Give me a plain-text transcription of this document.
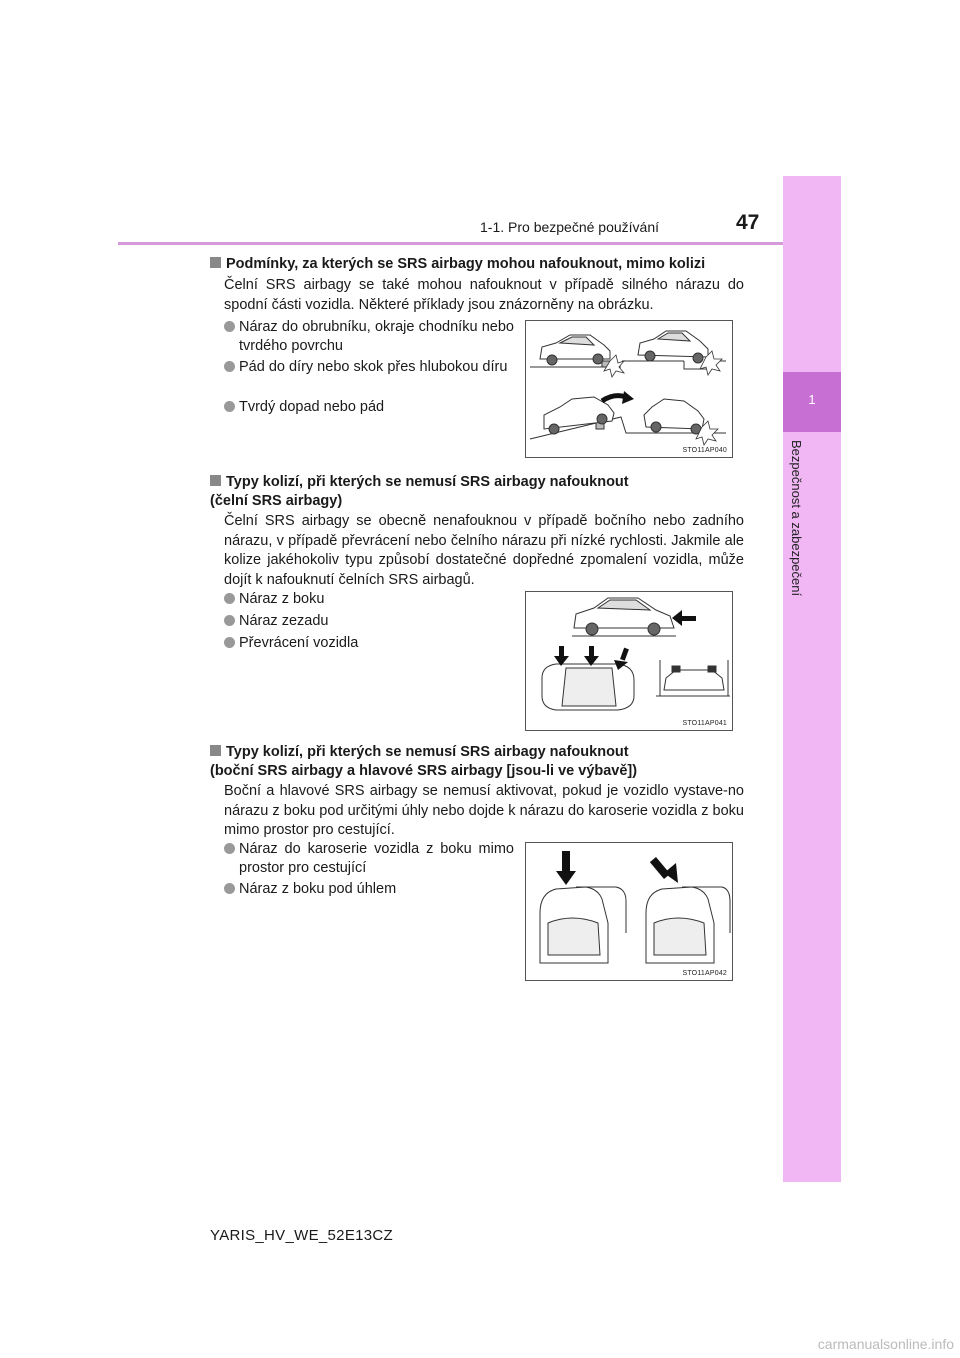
1
Bezpečnost a zabezpečení
1-1. Pro bezpečné používání	47
Podmínky, za kterých se SRS airbagy mohou nafouknout, mimo kolizi
Čelní SRS airbagy se také mohou nafouknout v případě silného nárazu do spodní části vozidla. Některé příklady jsou znázorněny na obrázku.
Náraz do obrubníku, okraje chodníku nebo tvrdého povrchu
Pád do díry nebo skok přes hlubokou díru
Tvrdý dopad nebo pád
STO11AP040
Typy kolizí, při kterých se nemusí SRS airbagy nafouknout
(čelní SRS airbagy)
Čelní SRS airbagy se obecně nenafouknou v případě bočního nebo zadního nárazu, v případě převrácení nebo čelního nárazu při nízké rychlosti. Jakmile ale kolize jakéhokoliv typu způsobí dostatečné dopředné zpomalení vozidla, může dojít k nafouknutí čelních SRS airbagů.
Náraz z boku
Náraz zezadu
Převrácení vozidla
STO11AP041
Typy kolizí, při kterých se nemusí SRS airbagy nafouknout
(boční SRS airbagy a hlavové SRS airbagy [jsou-li ve výbavě])
Boční a hlavové SRS airbagy se nemusí aktivovat, pokud je vozidlo vystave-no nárazu z boku pod určitými úhly nebo dojde k nárazu do karoserie vozidla z boku mimo prostor pro cestující.
Náraz do karoserie vozidla z boku mimo prostor pro cestující
Náraz z boku pod úhlem
STO11AP042
YARIS_HV_WE_52E13CZ
carmanualsonline.info
